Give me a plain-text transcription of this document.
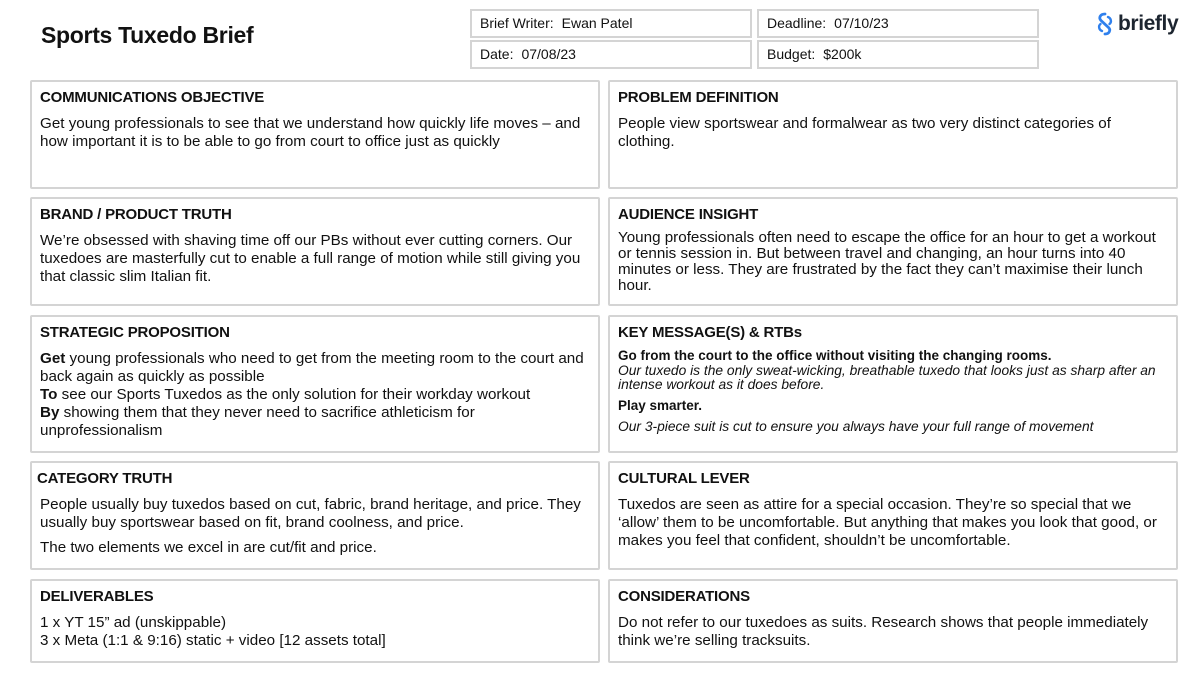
Sports Tuxedo Brief	Brief Writer: Ewan Patel	Deadline: 07/10/23
Date: 07/08/23	Budget: $200k
briefly
COMMUNICATIONS OBJECTIVE
Get young professionals to see that we understand how quickly life moves – and how important it is to be able to go from court to office just as quickly
PROBLEM DEFINITION
People view sportswear and formalwear as two very distinct categories of clothing.
BRAND / PRODUCT TRUTH
We’re obsessed with shaving time off our PBs without ever cutting corners. Our tuxedoes are masterfully cut to enable a full range of motion while still giving you that classic slim Italian fit.
AUDIENCE INSIGHT
Young professionals often need to escape the office for an hour to get a workout or tennis session in. But between travel and changing, an hour turns into 40 minutes or less. They are frustrated by the fact they can’t maximise their lunch hour.
STRATEGIC PROPOSITION
Get young professionals who need to get from the meeting room to the court and back again as quickly as possible
To see our Sports Tuxedos as the only solution for their workday workout
By showing them that they never need to sacrifice athleticism for unprofessionalism
KEY MESSAGE(S) & RTBs
Go from the court to the office without visiting the changing rooms.
Our tuxedo is the only sweat-wicking, breathable tuxedo that looks just as sharp after an intense workout as it does before.
Play smarter.
Our 3-piece suit is cut to ensure you always have your full range of movement
CATEGORY TRUTH
People usually buy tuxedos based on cut, fabric, brand heritage, and price. They usually buy sportswear based on fit, brand coolness, and price.
The two elements we excel in are cut/fit and price.
CULTURAL LEVER
Tuxedos are seen as attire for a special occasion. They’re so special that we ‘allow’ them to be uncomfortable. But anything that makes you look that good, or makes you feel that confident, shouldn’t be uncomfortable.
DELIVERABLES
1 x YT 15” ad (unskippable)
3 x Meta (1:1 & 9:16) static + video [12 assets total]
CONSIDERATIONS
Do not refer to our tuxedoes as suits. Research shows that people immediately think we’re selling tracksuits.
